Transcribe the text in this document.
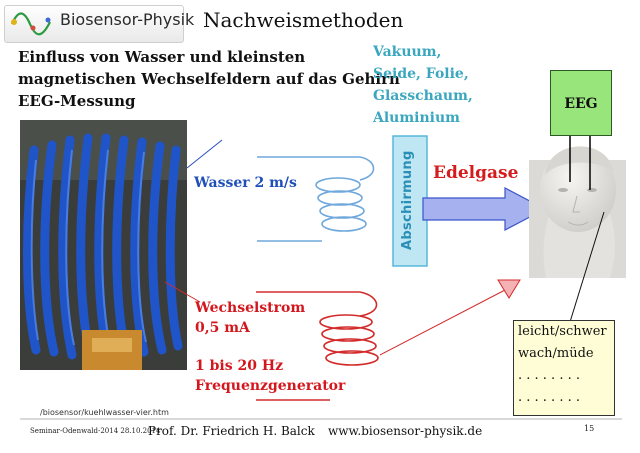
Biosensor-Physik Nachweismethoden
Einfluss von Wasser und kleinsten
magnetischen Wechselfeldern auf das Gehirn
EEG-Messung
Vakuum,
Seide, Folie,
Glasschaum,
Aluminium
Abschirmung	Edelgase
EEG
Wasser 2 m/s
Wechselstrom
0,5 mA
1 bis 20 Hz
Frequenzgenerator
leicht/schwer
wach/müde
. . . . . . . .
. . . . . . . .
/biosensor/kuehlwasser-vier.htm
Seminar-Odenwald-2014 28.10.2014
Prof. Dr. Friedrich H. Balck www.biosensor-physik.de	15
